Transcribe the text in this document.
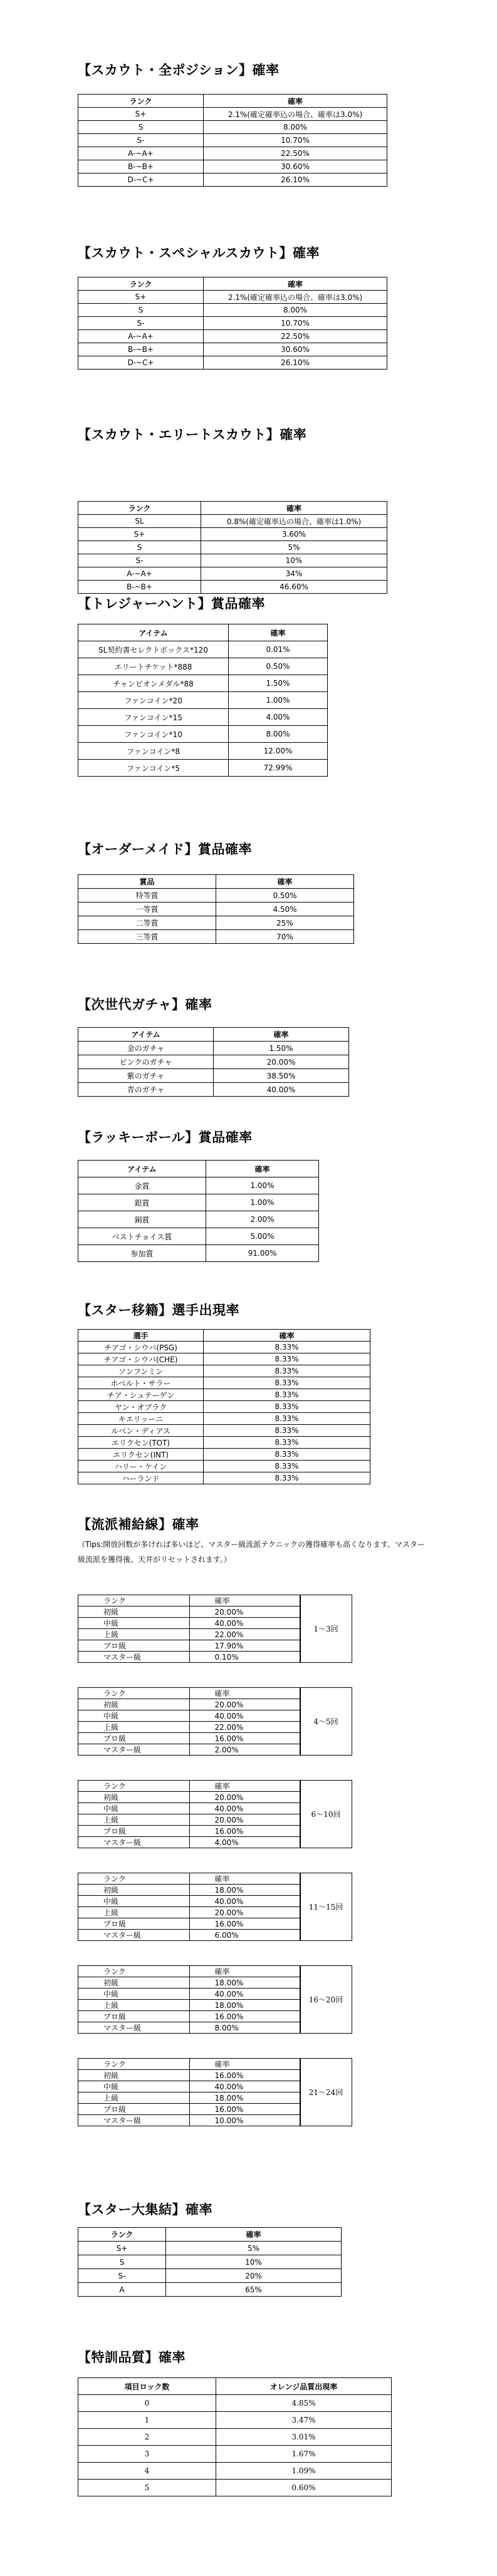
【スカウト・全ポジション】確率
ランク	確率
S+	2.1%(確定確率込の場合、確率は3.0%)
S	8.00%
S-	10.70%
A-~A+	22.50%
B-~B+	30.60%
D-~C+	26.10%
【スカウト・スペシャルスカウト】確率
ランク	確率
S+	2.1%(確定確率込の場合、確率は3.0%)
S	8.00%
S-	10.70%
A-~A+	22.50%
B-~B+	30.60%
D-~C+	26.10%
【スカウト・エリートスカウト】確率
ランク	確率
SL	0.8%(確定確率込の場合、確率は1.0%)
S+	3.60%
S	5%
S-	10%
A-~A+	34%
B-~B+	46.60%
【トレジャーハント】賞品確率
アイテム	確率
SL契約書セレクトボックス*120	0.01%
エリートチケット*888	0.50%
チャンピオンメダル*88	1.50%
ファンコイン*20	1.00%
ファンコイン*15	4.00%
ファンコイン*10	8.00%
ファンコイン*8	12.00%
ファンコイン*5	72.99%
【オーダーメイド】賞品確率
賞品	確率
特等賞	0.50%
一等賞	4.50%
二等賞	25%
三等賞	70%
【次世代ガチャ】確率
アイテム	確率
金のガチャ	1.50%
ピンクのガチャ	20.00%
紫のガチャ	38.50%
青のガチャ	40.00%
【ラッキーボール】賞品確率
アイテム	確率
金賞	1.00%
銀賞	1.00%
銅賞	2.00%
ベストチョイス賞	5.00%
参加賞	91.00%
【スター移籍】選手出現率
選手	確率
チアゴ・シウバ(PSG)	8.33%
チアゴ・シウバ(CHE)	8.33%
ソンフンミン	8.33%
ホベルト・サラー	8.33%
チア・シュテーゲン	8.33%
ヤン・オブラク	8.33%
キエリッーニ	8.33%
ルベン・ディアス	8.33%
エリクセン(TOT)	8.33%
エリクセン(INT)	8.33%
ハリー・ケイン	8.33%
ハーランド	8.33%
【流派補給線】確率
（Tips:開放回数が多ければ多いほど、マスター級流派テクニックの獲得確率も高くなります。マスター級流派を獲得後、天井がリセットされます。）
ランク	確率
初級	20.00%
中級	40.00%
上級	22.00%
プロ級	17.90%
マスター級	0.10%
1～3回
ランク	確率
初級	20.00%
中級	40.00%
上級	22.00%
プロ級	16.00%
マスター級	2.00%
4～5回
ランク	確率
初級	20.00%
中級	40.00%
上級	20.00%
プロ級	16.00%
マスター級	4.00%
6～10回
ランク	確率
初級	18.00%
中級	40.00%
上級	20.00%
プロ級	16.00%
マスター級	6.00%
11～15回
ランク	確率
初級	18.00%
中級	40.00%
上級	18.00%
プロ級	16.00%
マスター級	8.00%
16～20回
ランク	確率
初級	16.00%
中級	40.00%
上級	18.00%
プロ級	16.00%
マスター級	10.00%
21～24回
【スター大集結】確率
ランク	確率
S+	5%
S	10%
S-	20%
A	65%
【特訓品質】確率
項目ロック数	オレンジ品質出現率
0	4.85%
1	3.47%
2	3.01%
3	1.67%
4	1.09%
5	0.60%
